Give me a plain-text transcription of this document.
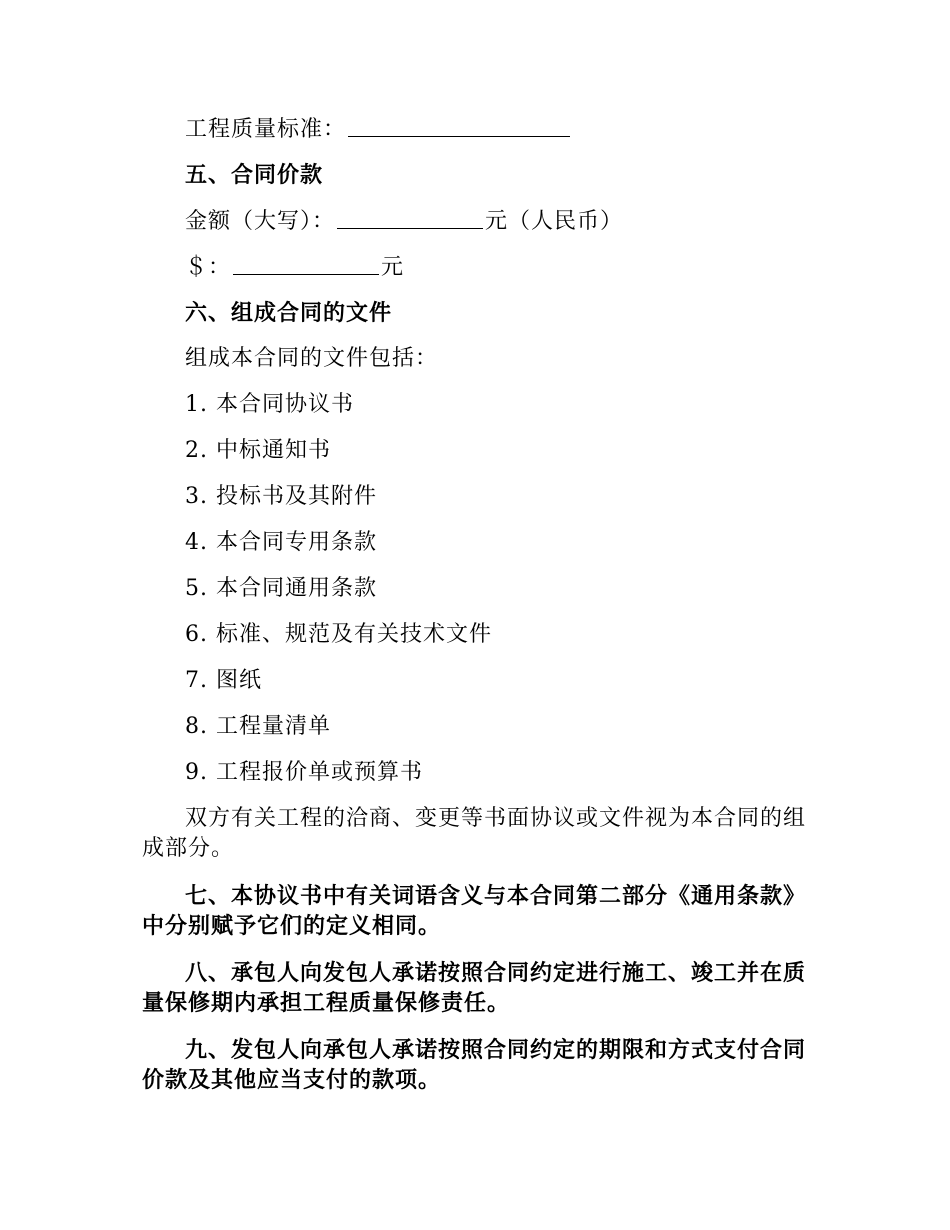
工程质量标准：
五、合同价款
金额（大写）：	元（人民币）
＄：	元
六、组成合同的文件
组成本合同的文件包括：
1. 本合同协议书
2. 中标通知书
3. 投标书及其附件
4. 本合同专用条款
5. 本合同通用条款
6. 标准、规范及有关技术文件
7. 图纸
8. 工程量清单
9. 工程报价单或预算书
双方有关工程的洽商、变更等书面协议或文件视为本合同的组成部分。
七、本协议书中有关词语含义与本合同第二部分《通用条款》中分别赋予它们的定义相同。
八、承包人向发包人承诺按照合同约定进行施工、竣工并在质量保修期内承担工程质量保修责任。
九、发包人向承包人承诺按照合同约定的期限和方式支付合同价款及其他应当支付的款项。
